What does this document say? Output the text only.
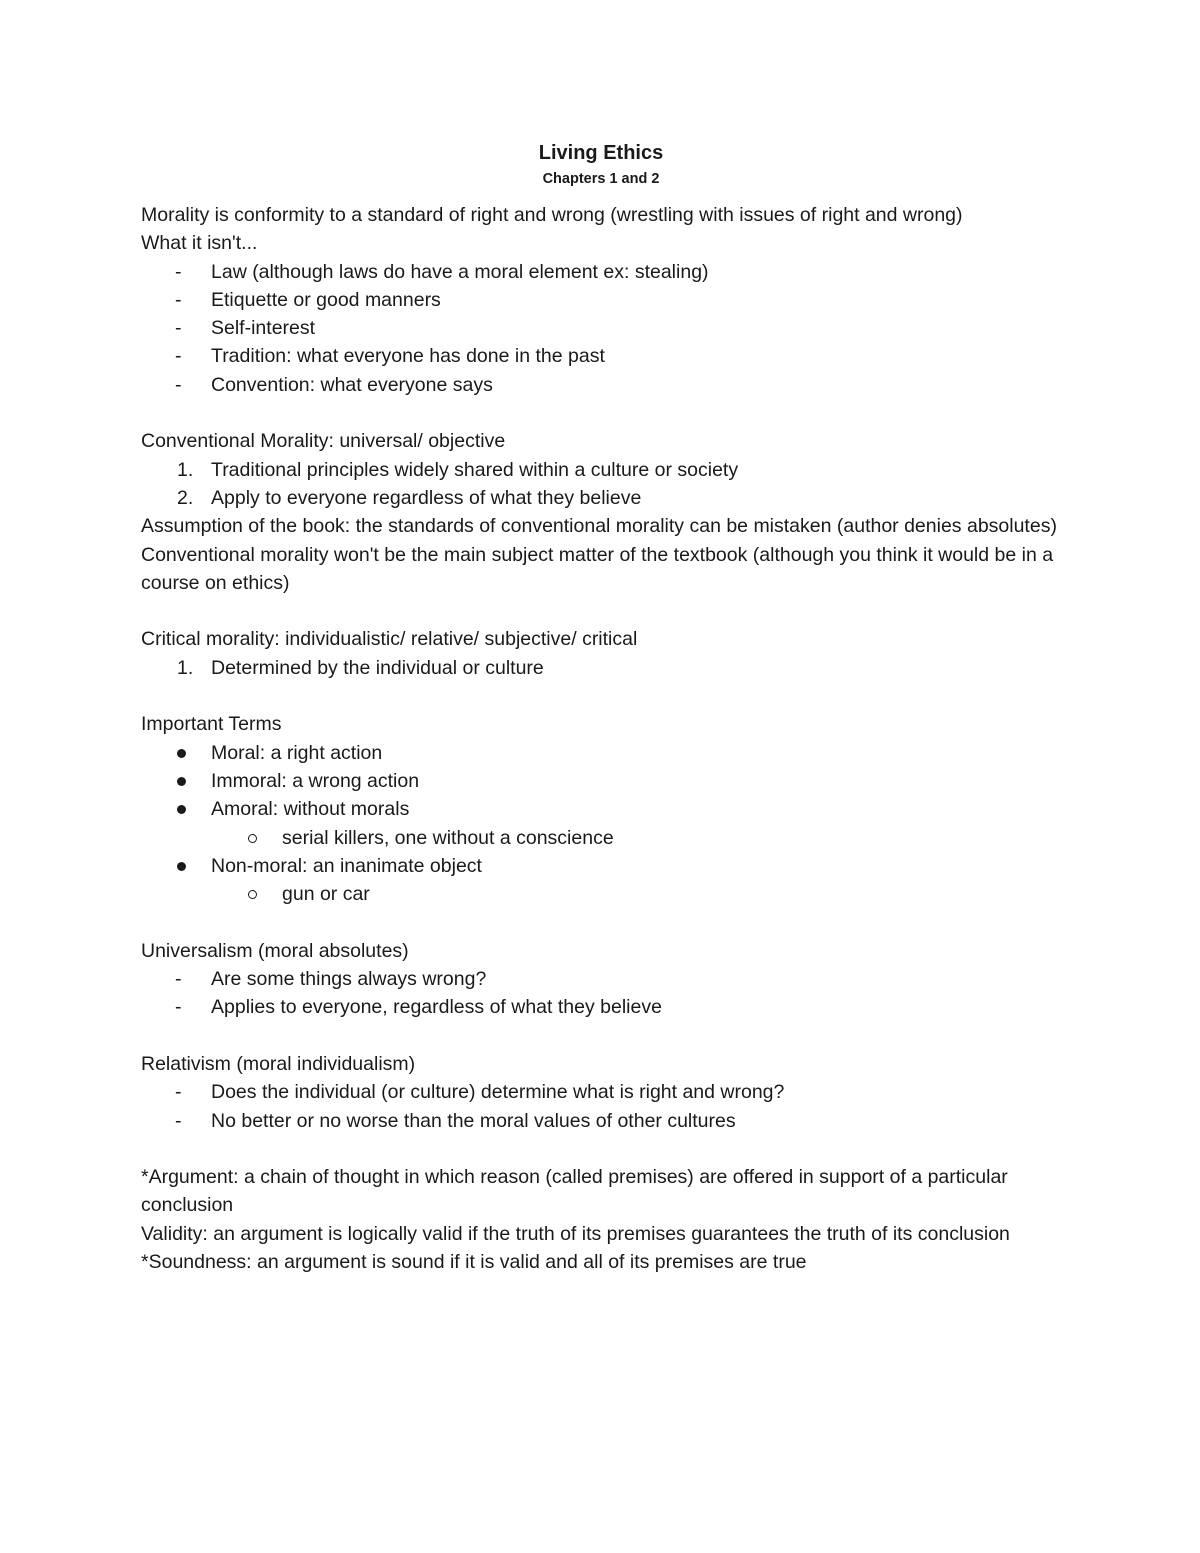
Living Ethics
Chapters 1 and 2

Morality is conformity to a standard of right and wrong (wrestling with issues of right and wrong)

What it isn't...

-	Law (although laws do have a moral element ex: stealing)
-	Etiquette or good manners
-	Self-interest
-	Tradition: what everyone has done in the past
-	Convention: what everyone says

Conventional Morality: universal/ objective

1. Traditional principles widely shared within a culture or society
2. Apply to everyone regardless of what they believe

Assumption of the book: the standards of conventional morality can be mistaken (author denies absolutes)

Conventional morality won't be the main subject matter of the textbook (although you think it would be in a course on ethics)

Critical morality: individualistic/ relative/ subjective/ critical

1. Determined by the individual or culture

Important Terms

Moral: a right action
Immoral: a wrong action
Amoral: without morals
serial killers, one without a conscience
Non-moral: an inanimate object
gun or car

Universalism (moral absolutes)

-	Are some things always wrong?
-	Applies to everyone, regardless of what they believe

Relativism (moral individualism)

-	Does the individual (or culture) determine what is right and wrong?
-	No better or no worse than the moral values of other cultures

*Argument: a chain of thought in which reason (called premises) are offered in support of a particular conclusion

Validity: an argument is logically valid if the truth of its premises guarantees the truth of its conclusion

*Soundness: an argument is sound if it is valid and all of its premises are true
